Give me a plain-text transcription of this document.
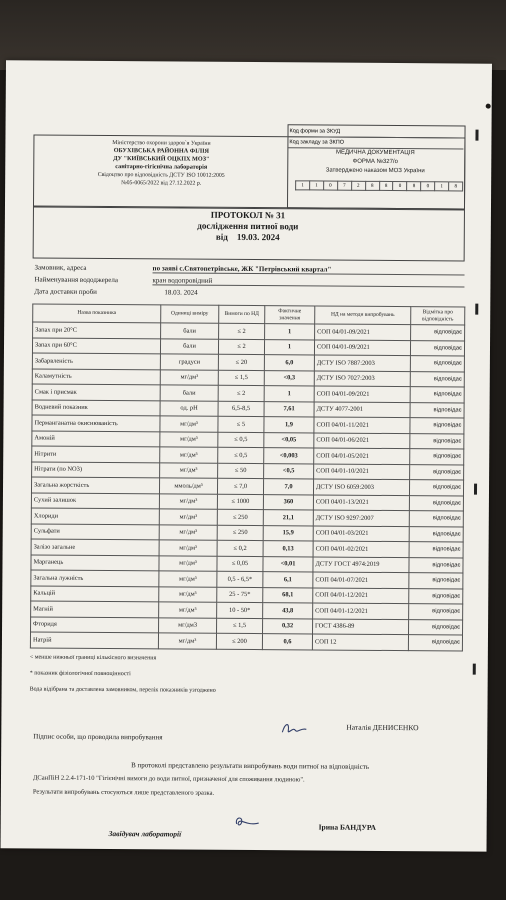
Код форми за ЗКУД
Код закладу за ЗКПО
Міністерство охорони здоров`я України
ОБУХІВСЬКА РАЙОННА ФІЛІЯ
ДУ "КИЇВСЬКИЙ ОЦКПХ МОЗ"
санітарно-гігієнічна лабораторія
Свідоцтво про відповідність ДСТУ ISO 10012:2005
№05-0065/2022 від 27.12.2022 р.
МЕДИЧНА ДОКУМЕНТАЦІЯ
ФОРМА №327/о
Затверджено наказом МОЗ України
1	1	0	7	2	8	8	0	8	0	1	8
ПРОТОКОЛ № 31
дослідження питної води
від 19.03. 2024
Замовник, адреса	по заяві с.Святопетрівське, ЖК "Петрівський квартал"
Найменування вододжерела	кран водопровідний
Дата доставки проби	18.03. 2024
Назва показника	Одиниці виміру	Вимоги по НД	Фактичне значення	НД на методи випробувань	Відмітка про відповідність
Запах при 20°С	бали	≤ 2	1	СОП 04/01-09/2021	відповідає
Запах при 60°С	бали	≤ 2	1	СОП 04/01-09/2021	відповідає
Забарвленість	градуси	≤ 20	6,0	ДСТУ ISO 7887:2003	відповідає
Каламутність	мг/дм³	≤ 1,5	<0,3	ДСТУ ISO 7027:2003	відповідає
Смак і присмак	бали	≤ 2	1	СОП 04/01-09/2021	відповідає
Водневий показник	од. pH	6,5-8,5	7,61	ДСТУ 4077-2001	відповідає
Перманганатна окиснюваність	мг/дм³	≤ 5	1,9	СОП 04/01-11/2021	відповідає
Амоній	мг/дм³	≤ 0,5	<0,05	СОП 04/01-06/2021	відповідає
Нітрити	мг/дм³	≤ 0,5	<0,003	СОП 04/01-05/2021	відповідає
Нітрати (по NO3)	мг/дм³	≤ 50	<0,5	СОП 04/01-10/2021	відповідає
Загальна жорсткість	ммоль/дм³	≤ 7,0	7,0	ДСТУ ISO 6059:2003	відповідає
Сухий залишок	мг/дм³	≤ 1000	360	СОП 04/01-13/2021	відповідає
Хлориди	мг/дм³	≤ 250	21,1	ДСТУ ISO 9297:2007	відповідає
Сульфати	мг/дм³	≤ 250	15,9	СОП 04/01-03/2021	відповідає
Залізо загальне	мг/дм³	≤ 0,2	0,13	СОП 04/01-02/2021	відповідає
Марганець	мг/дм³	≤ 0,05	<0,01	ДСТУ ГОСТ 4974:2019	відповідає
Загальна лужність	мг/дм³	0,5 - 6,5*	6,1	СОП 04/01-07/2021	відповідає
Кальцій	мг/дм³	25 - 75*	68,1	СОП 04/01-12/2021	відповідає
Магній	мг/дм³	10 - 50*	43,8	СОП 04/01-12/2021	відповідає
Фторидя	мг/дм3	≤ 1,5	0,32	ГОСТ 4386-89	відповідає
Натрій	мг/дм³	≤ 200	0,6	СОП 12	відповідає
< менше нижньої границі кількісного визначення
* показник фізіологічної повноцінності
Вода відібрана та доставлена замовником, перелік показників узгоджено
Підпис особи, що проводила випробування
Наталія ДЕНИСЕНКО
В протоколі представлено результати випробувань води питної на відповідність
ДСанПіН 2.2.4-171-10 "Гігієнічні вимоги до води питної, призначеної для споживання людиною".
Результати випробувань стосуються лише представленого зразка.
Завідувач лабораторії
Ірина БАНДУРА
